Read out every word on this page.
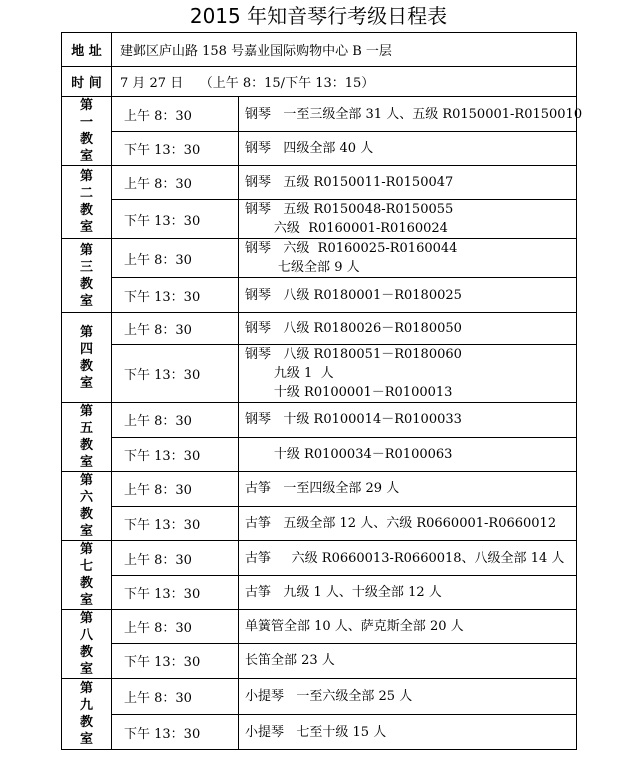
2015 年知音琴行考级日程表
地 址	建邺区庐山路 158 号嘉业国际购物中心 B 一层	
时 间	7 月 27 日    （上午 8：15/下午 13：15）	

第
一
教
室	上午 8：30	钢琴   一至三级全部 31 人、五级 R0150001-R0150010

	下午 13：30	钢琴   四级全部 40 人

第
二
教
室	上午 8：30	钢琴   五级 R0150011-R0150047

	下午 13：30	钢琴   五级 R0150048-R0150055
六级  R0160001-R0160024

第
三
教
室	上午 8：30	钢琴   六级  R0160025-R0160044
七级全部 9 人

	下午 13：30	钢琴   八级 R0180001－R0180025

第
四
教
室	上午 8：30	钢琴   八级 R0180026－R0180050

	下午 13：30	钢琴   八级 R0180051－R0180060
九级 1  人
十级 R0100001－R0100013

第
五
教
室	上午 8：30	钢琴   十级 R0100014－R0100033

	下午 13：30	十级 R0100034－R0100063

第
六
教
室	上午 8：30	古筝   一至四级全部 29 人

	下午 13：30	古筝   五级全部 12 人、六级 R0660001-R0660012

第
七
教
室	上午 8：30	古筝     六级 R0660013-R0660018、八级全部 14 人

	下午 13：30	古筝   九级 1 人、十级全部 12 人

第
八
教
室	上午 8：30	单簧管全部 10 人、萨克斯全部 20 人

	下午 13：30	长笛全部 23 人

第
九
教
室	上午 8：30	小提琴   一至六级全部 25 人

	下午 13：30	小提琴   七至十级 15 人
